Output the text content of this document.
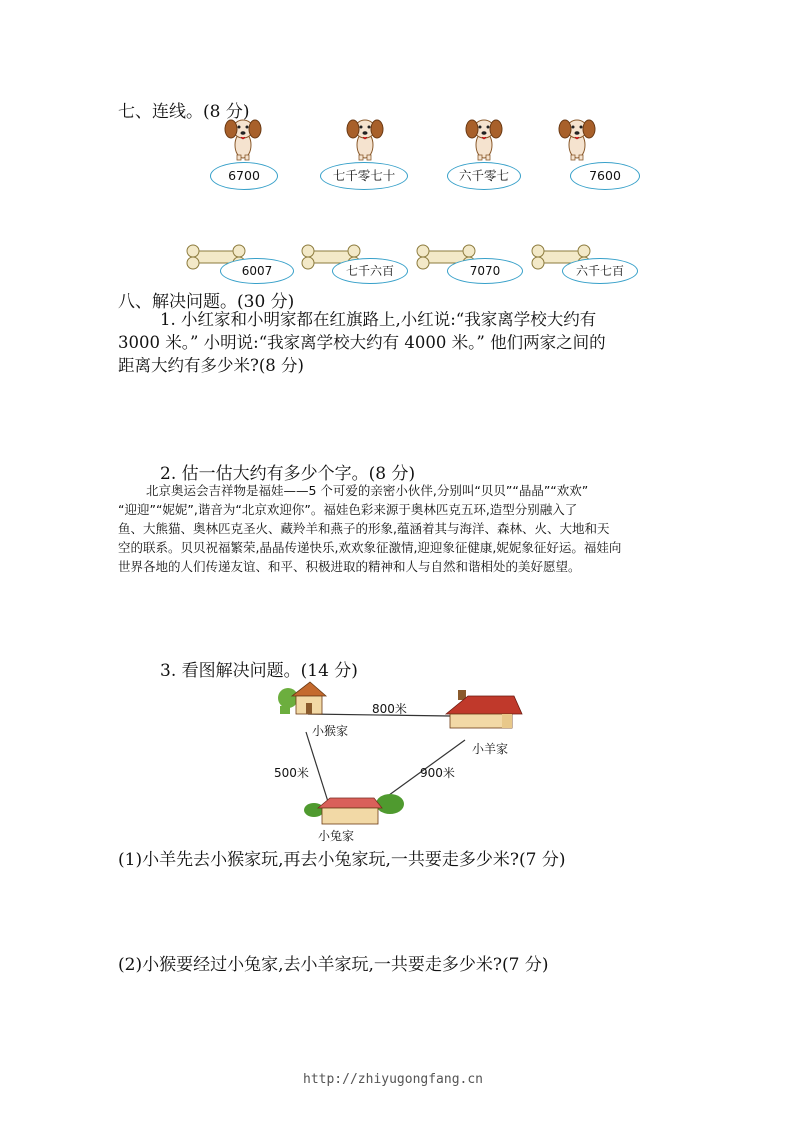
七、连线。(8 分)
6700	七千零七十	六千零七	7600
6007	七千六百	7070	六千七百
八、解决问题。(30 分)
1. 小红家和小明家都在红旗路上,小红说:“我家离学校大约有
3000 米。” 小明说:“我家离学校大约有 4000 米。” 他们两家之间的
距离大约有多少米?(8 分)
2. 估一估大约有多少个字。(8 分)
北京奥运会吉祥物是福娃——5 个可爱的亲密小伙伴,分别叫“贝贝”“晶晶”“欢欢”
“迎迎”“妮妮”,谐音为“北京欢迎你”。福娃色彩来源于奥林匹克五环,造型分别融入了
鱼、大熊猫、奥林匹克圣火、藏羚羊和燕子的形象,蕴涵着其与海洋、森林、火、大地和天
空的联系。贝贝祝福繁荣,晶晶传递快乐,欢欢象征激情,迎迎象征健康,妮妮象征好运。福娃向
世界各地的人们传递友谊、和平、积极进取的精神和人与自然和谐相处的美好愿望。
3. 看图解决问题。(14 分)
800米
小猴家
小羊家
500米	900米
小兔家
(1)小羊先去小猴家玩,再去小兔家玩,一共要走多少米?(7 分)
(2)小猴要经过小兔家,去小羊家玩,一共要走多少米?(7 分)
http://zhiyugongfang.cn
